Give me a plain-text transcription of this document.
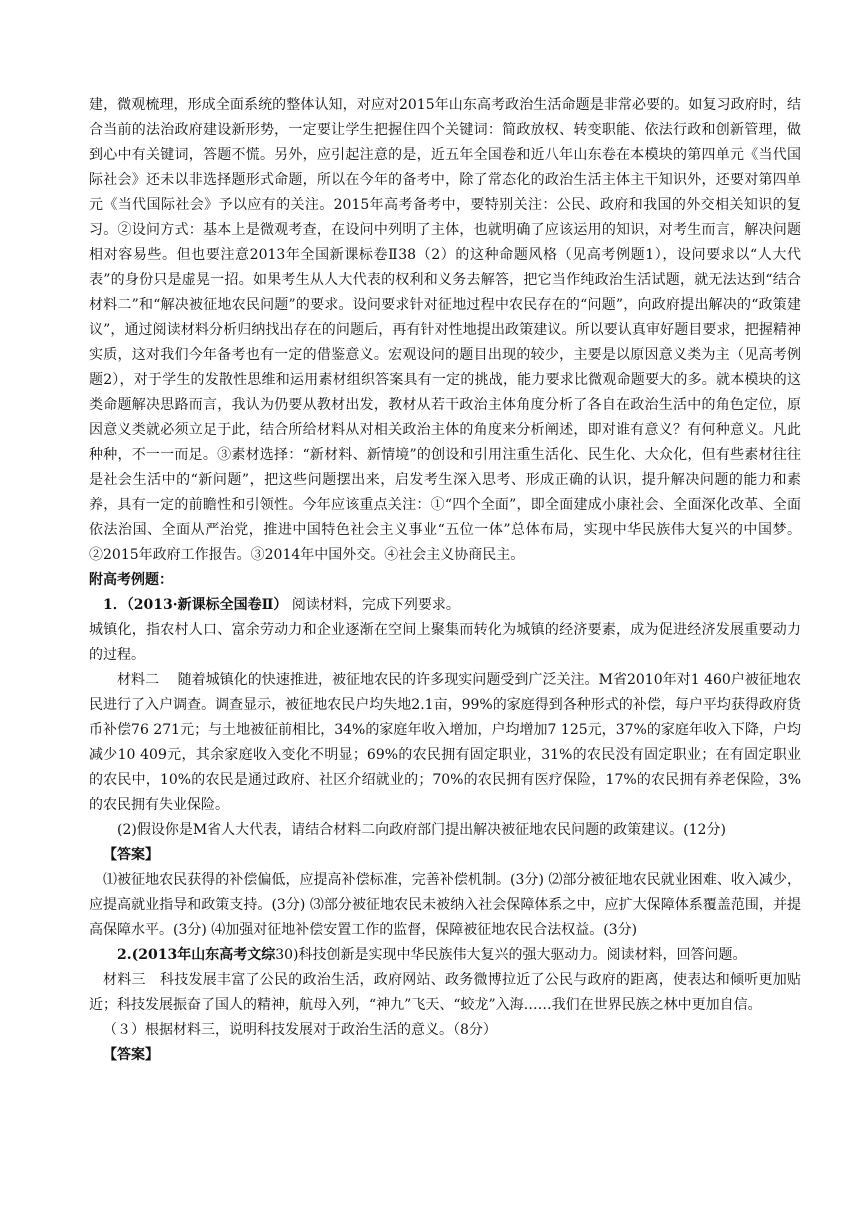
建，微观梳理，形成全面系统的整体认知，对应对2015年山东高考政治生活命题是非常必要的。如复习政府时，结合当前的法治政府建设新形势，一定要让学生把握住四个关键词：简政放权、转变职能、依法行政和创新管理，做到心中有关键词，答题不慌。另外，应引起注意的是，近五年全国卷和近八年山东卷在本模块的第四单元《当代国际社会》还未以非选择题形式命题，所以在今年的备考中，除了常态化的政治生活主体主干知识外，还要对第四单元《当代国际社会》予以应有的关注。2015年高考备考中，要特别关注：公民、政府和我国的外交相关知识的复习。②设问方式：基本上是微观考查，在设问中列明了主体，也就明确了应该运用的知识，对考生而言，解决问题相对容易些。但也要注意2013年全国新课标卷Ⅱ38（2）的这种命题风格（见高考例题1），设问要求以“人大代表”的身份只是虚晃一招。如果考生从人大代表的权利和义务去解答，把它当作纯政治生活试题，就无法达到“结合材料二”和“解决被征地农民问题”的要求。设问要求针对征地过程中农民存在的“问题”，向政府提出解决的“政策建议”，通过阅读材料分析归纳找出存在的问题后，再有针对性地提出政策建议。所以要认真审好题目要求，把握精神实质，这对我们今年备考也有一定的借鉴意义。宏观设问的题目出现的较少，主要是以原因意义类为主（见高考例题2），对于学生的发散性思维和运用素材组织答案具有一定的挑战，能力要求比微观命题要大的多。就本模块的这类命题解决思路而言，我认为仍要从教材出发，教材从若干政治主体角度分析了各自在政治生活中的角色定位，原因意义类就必须立足于此，结合所给材料从对相关政治主体的角度来分析阐述，即对谁有意义？有何种意义。凡此种种，不一一而足。③素材选择：“新材料、新情境”的创设和引用注重生活化、民生化、大众化，但有些素材往往是社会生活中的“新问题”，把这些问题摆出来，启发考生深入思考、形成正确的认识，提升解决问题的能力和素养，具有一定的前瞻性和引领性。今年应该重点关注：①“四个全面”，即全面建成小康社会、全面深化改革、全面依法治国、全面从严治党，推进中国特色社会主义事业“五位一体”总体布局，实现中华民族伟大复兴的中国梦。②2015年政府工作报告。③2014年中国外交。④社会主义协商民主。

附高考例题：

1．（2013·新课标全国卷Ⅱ） 阅读材料，完成下列要求。

城镇化，指农村人口、富余劳动力和企业逐渐在空间上聚集而转化为城镇的经济要素，成为促进经济发展重要动力的过程。

材料二　 随着城镇化的快速推进，被征地农民的许多现实问题受到广泛关注。M省2010年对1 460户被征地农民进行了入户调查。调查显示，被征地农民户均失地2.1亩，99%的家庭得到各种形式的补偿，每户平均获得政府货币补偿76 271元；与土地被征前相比，34%的家庭年收入增加，户均增加7 125元，37%的家庭年收入下降，户均减少10 409元，其余家庭收入变化不明显；69%的农民拥有固定职业，31%的农民没有固定职业；在有固定职业的农民中，10%的农民是通过政府、社区介绍就业的；70%的农民拥有医疗保险，17%的农民拥有养老保险，3%的农民拥有失业保险。

(2)假设你是M省人大代表，请结合材料二向政府部门提出解决被征地农民问题的政策建议。(12分)

【答案】

⑴被征地农民获得的补偿偏低，应提高补偿标准，完善补偿机制。(3分) ⑵部分被征地农民就业困难、收入减少，应提高就业指导和政策支持。(3分) ⑶部分被征地农民未被纳入社会保障体系之中，应扩大保障体系覆盖范围，并提高保障水平。(3分) ⑷加强对征地补偿安置工作的监督，保障被征地农民合法权益。(3分)

2.(2013年山东高考文综30)科技创新是实现中华民族伟大复兴的强大驱动力。阅读材料，回答问题。

材料三　科技发展丰富了公民的政治生活，政府网站、政务微博拉近了公民与政府的距离，使表达和倾听更加贴近；科技发展振奋了国人的精神，航母入列，“神九”飞天、“蛟龙”入海……我们在世界民族之林中更加自信。

（３）根据材料三，说明科技发展对于政治生活的意义。（8分）

【答案】
